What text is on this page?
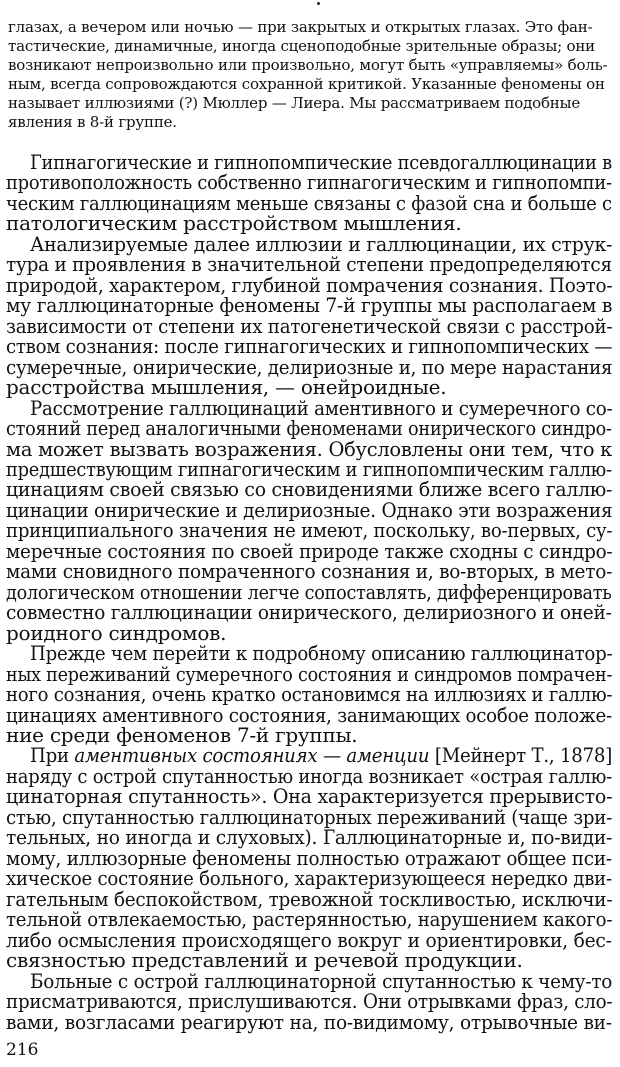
глазах, а вечером или ночью — при закрытых и открытых глазах. Это фан-
тастические, динамичные, иногда сценоподобные зрительные образы; они
возникают непроизвольно или произвольно, могут быть «управляемы» боль-
ным, всегда сопровождаются сохранной критикой. Указанные феномены он
называет иллюзиями (?) Мюллер — Лиера. Мы рассматриваем подобные
явления в 8-й группе.
Гипнагогические и гипнопомпические псевдогаллюцинации в
противоположность собственно гипнагогическим и гипнопомпи-
ческим галлюцинациям меньше связаны с фазой сна и больше с
патологическим расстройством мышления.
Анализируемые далее иллюзии и галлюцинации, их струк-
тура и проявления в значительной степени предопределяются
природой, характером, глубиной помрачения сознания. Поэто-
му галлюцинаторные феномены 7-й группы мы располагаем в
зависимости от степени их патогенетической связи с расстрой-
ством сознания: после гипнагогических и гипнопомпических —
сумеречные, онирические, делириозные и, по мере нарастания
расстройства мышления, — онейроидные.
Рассмотрение галлюцинаций аментивного и сумеречного со-
стояний перед аналогичными феноменами онирического синдро-
ма может вызвать возражения. Обусловлены они тем, что к
предшествующим гипнагогическим и гипнопомпическим галлю-
цинациям своей связью со сновидениями ближе всего галлю-
цинации онирические и делириозные. Однако эти возражения
принципиального значения не имеют, поскольку, во-первых, су-
меречные состояния по своей природе также сходны с синдро-
мами сновидного помраченного сознания и, во-вторых, в мето-
дологическом отношении легче сопоставлять, дифференцировать
совместно галлюцинации онирического, делириозного и оней-
роидного синдромов.
Прежде чем перейти к подробному описанию галлюцинатор-
ных переживаний сумеречного состояния и синдромов помрачен-
ного сознания, очень кратко остановимся на иллюзиях и галлю-
цинациях аментивного состояния, занимающих особое положе-
ние среди феноменов 7-й группы.
При аментивных состояниях — аменции [Мейнерт Т., 1878]
наряду с острой спутанностью иногда возникает «острая галлю-
цинаторная спутанность». Она характеризуется прерывисто-
стью, спутанностью галлюцинаторных переживаний (чаще зри-
тельных, но иногда и слуховых). Галлюцинаторные и, по-види-
мому, иллюзорные феномены полностью отражают общее пси-
хическое состояние больного, характеризующееся нередко дви-
гательным беспокойством, тревожной тоскливостью, исключи-
тельной отвлекаемостью, растерянностью, нарушением какого-
либо осмысления происходящего вокруг и ориентировки, бес-
связностью представлений и речевой продукции.
Больные с острой галлюцинаторной спутанностью к чему-то
присматриваются, прислушиваются. Они отрывками фраз, сло-
вами, возгласами реагируют на, по-видимому, отрывочные ви-
216
